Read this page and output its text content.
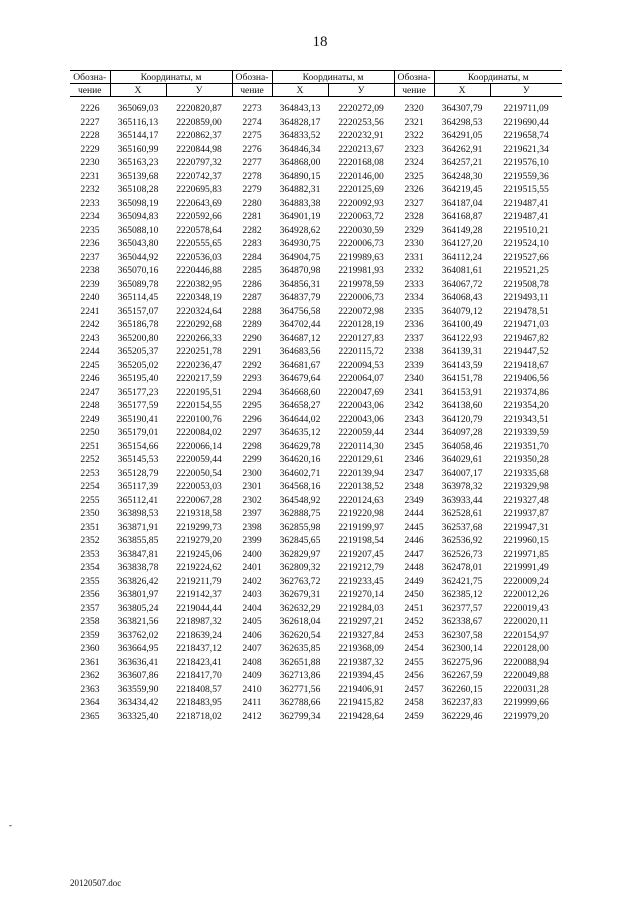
18
Обозна-	Координаты, м		Обозна-	Координаты, м		Обозна-	Координаты, м	
чение	X	У	чение	X	У	чение	X	У
2226	365069,03	2220820,87	2273	364843,13	2220272,09	2320	364307,79	2219711,09
2227	365116,13	2220859,00	2274	364828,17	2220253,56	2321	364298,53	2219690,44
2228	365144,17	2220862,37	2275	364833,52	2220232,91	2322	364291,05	2219658,74
2229	365160,99	2220844,98	2276	364846,34	2220213,67	2323	364262,91	2219621,34
2230	365163,23	2220797,32	2277	364868,00	2220168,08	2324	364257,21	2219576,10
2231	365139,68	2220742,37	2278	364890,15	2220146,00	2325	364248,30	2219559,36
2232	365108,28	2220695,83	2279	364882,31	2220125,69	2326	364219,45	2219515,55
2233	365098,19	2220643,69	2280	364883,38	2220092,93	2327	364187,04	2219487,41
2234	365094,83	2220592,66	2281	364901,19	2220063,72	2328	364168,87	2219487,41
2235	365088,10	2220578,64	2282	364928,62	2220030,59	2329	364149,28	2219510,21
2236	365043,80	2220555,65	2283	364930,75	2220006,73	2330	364127,20	2219524,10
2237	365044,92	2220536,03	2284	364904,75	2219989,63	2331	364112,24	2219527,66
2238	365070,16	2220446,88	2285	364870,98	2219981,93	2332	364081,61	2219521,25
2239	365089,78	2220382,95	2286	364856,31	2219978,59	2333	364067,72	2219508,78
2240	365114,45	2220348,19	2287	364837,79	2220006,73	2334	364068,43	2219493,11
2241	365157,07	2220324,64	2288	364756,58	2220072,98	2335	364079,12	2219478,51
2242	365186,78	2220292,68	2289	364702,44	2220128,19	2336	364100,49	2219471,03
2243	365200,80	2220266,33	2290	364687,12	2220127,83	2337	364122,93	2219467,82
2244	365205,37	2220251,78	2291	364683,56	2220115,72	2338	364139,31	2219447,52
2245	365205,02	2220236,47	2292	364681,67	2220094,53	2339	364143,59	2219418,67
2246	365195,40	2220217,59	2293	364679,64	2220064,07	2340	364151,78	2219406,56
2247	365177,23	2220195,51	2294	364668,60	2220047,69	2341	364153,91	2219374,86
2248	365177,59	2220154,55	2295	364658,27	2220043,06	2342	364138,60	2219354,20
2249	365190,41	2220100,76	2296	364644,02	2220043,06	2343	364120,79	2219343,51
2250	365179,01	2220084,02	2297	364635,12	2220059,44	2344	364097,28	2219339,59
2251	365154,66	2220066,14	2298	364629,78	2220114,30	2345	364058,46	2219351,70
2252	365145,53	2220059,44	2299	364620,16	2220129,61	2346	364029,61	2219350,28
2253	365128,79	2220050,54	2300	364602,71	2220139,94	2347	364007,17	2219335,68
2254	365117,39	2220053,03	2301	364568,16	2220138,52	2348	363978,32	2219329,98
2255	365112,41	2220067,28	2302	364548,92	2220124,63	2349	363933,44	2219327,48
2350	363898,53	2219318,58	2397	362888,75	2219220,98	2444	362528,61	2219937,87
2351	363871,91	2219299,73	2398	362855,98	2219199,97	2445	362537,68	2219947,31
2352	363855,85	2219279,20	2399	362845,65	2219198,54	2446	362536,92	2219960,15
2353	363847,81	2219245,06	2400	362829,97	2219207,45	2447	362526,73	2219971,85
2354	363838,78	2219224,62	2401	362809,32	2219212,79	2448	362478,01	2219991,49
2355	363826,42	2219211,79	2402	362763,72	2219233,45	2449	362421,75	2220009,24
2356	363801,97	2219142,37	2403	362679,31	2219270,14	2450	362385,12	2220012,26
2357	363805,24	2219044,44	2404	362632,29	2219284,03	2451	362377,57	2220019,43
2358	363821,56	2218987,32	2405	362618,04	2219297,21	2452	362338,67	2220020,11
2359	363762,02	2218639,24	2406	362620,54	2219327,84	2453	362307,58	2220154,97
2360	363664,95	2218437,12	2407	362635,85	2219368,09	2454	362300,14	2220128,00
2361	363636,41	2218423,41	2408	362651,88	2219387,32	2455	362275,96	2220088,94
2362	363607,86	2218417,70	2409	362713,86	2219394,45	2456	362267,59	2220049,88
2363	363559,90	2218408,57	2410	362771,56	2219406,91	2457	362260,15	2220031,28
2364	363434,42	2218483,95	2411	362788,66	2219415,82	2458	362237,83	2219999,66
2365	363325,40	2218718,02	2412	362799,34	2219428,64	2459	362229,46	2219979,20
-
20120507.doc
